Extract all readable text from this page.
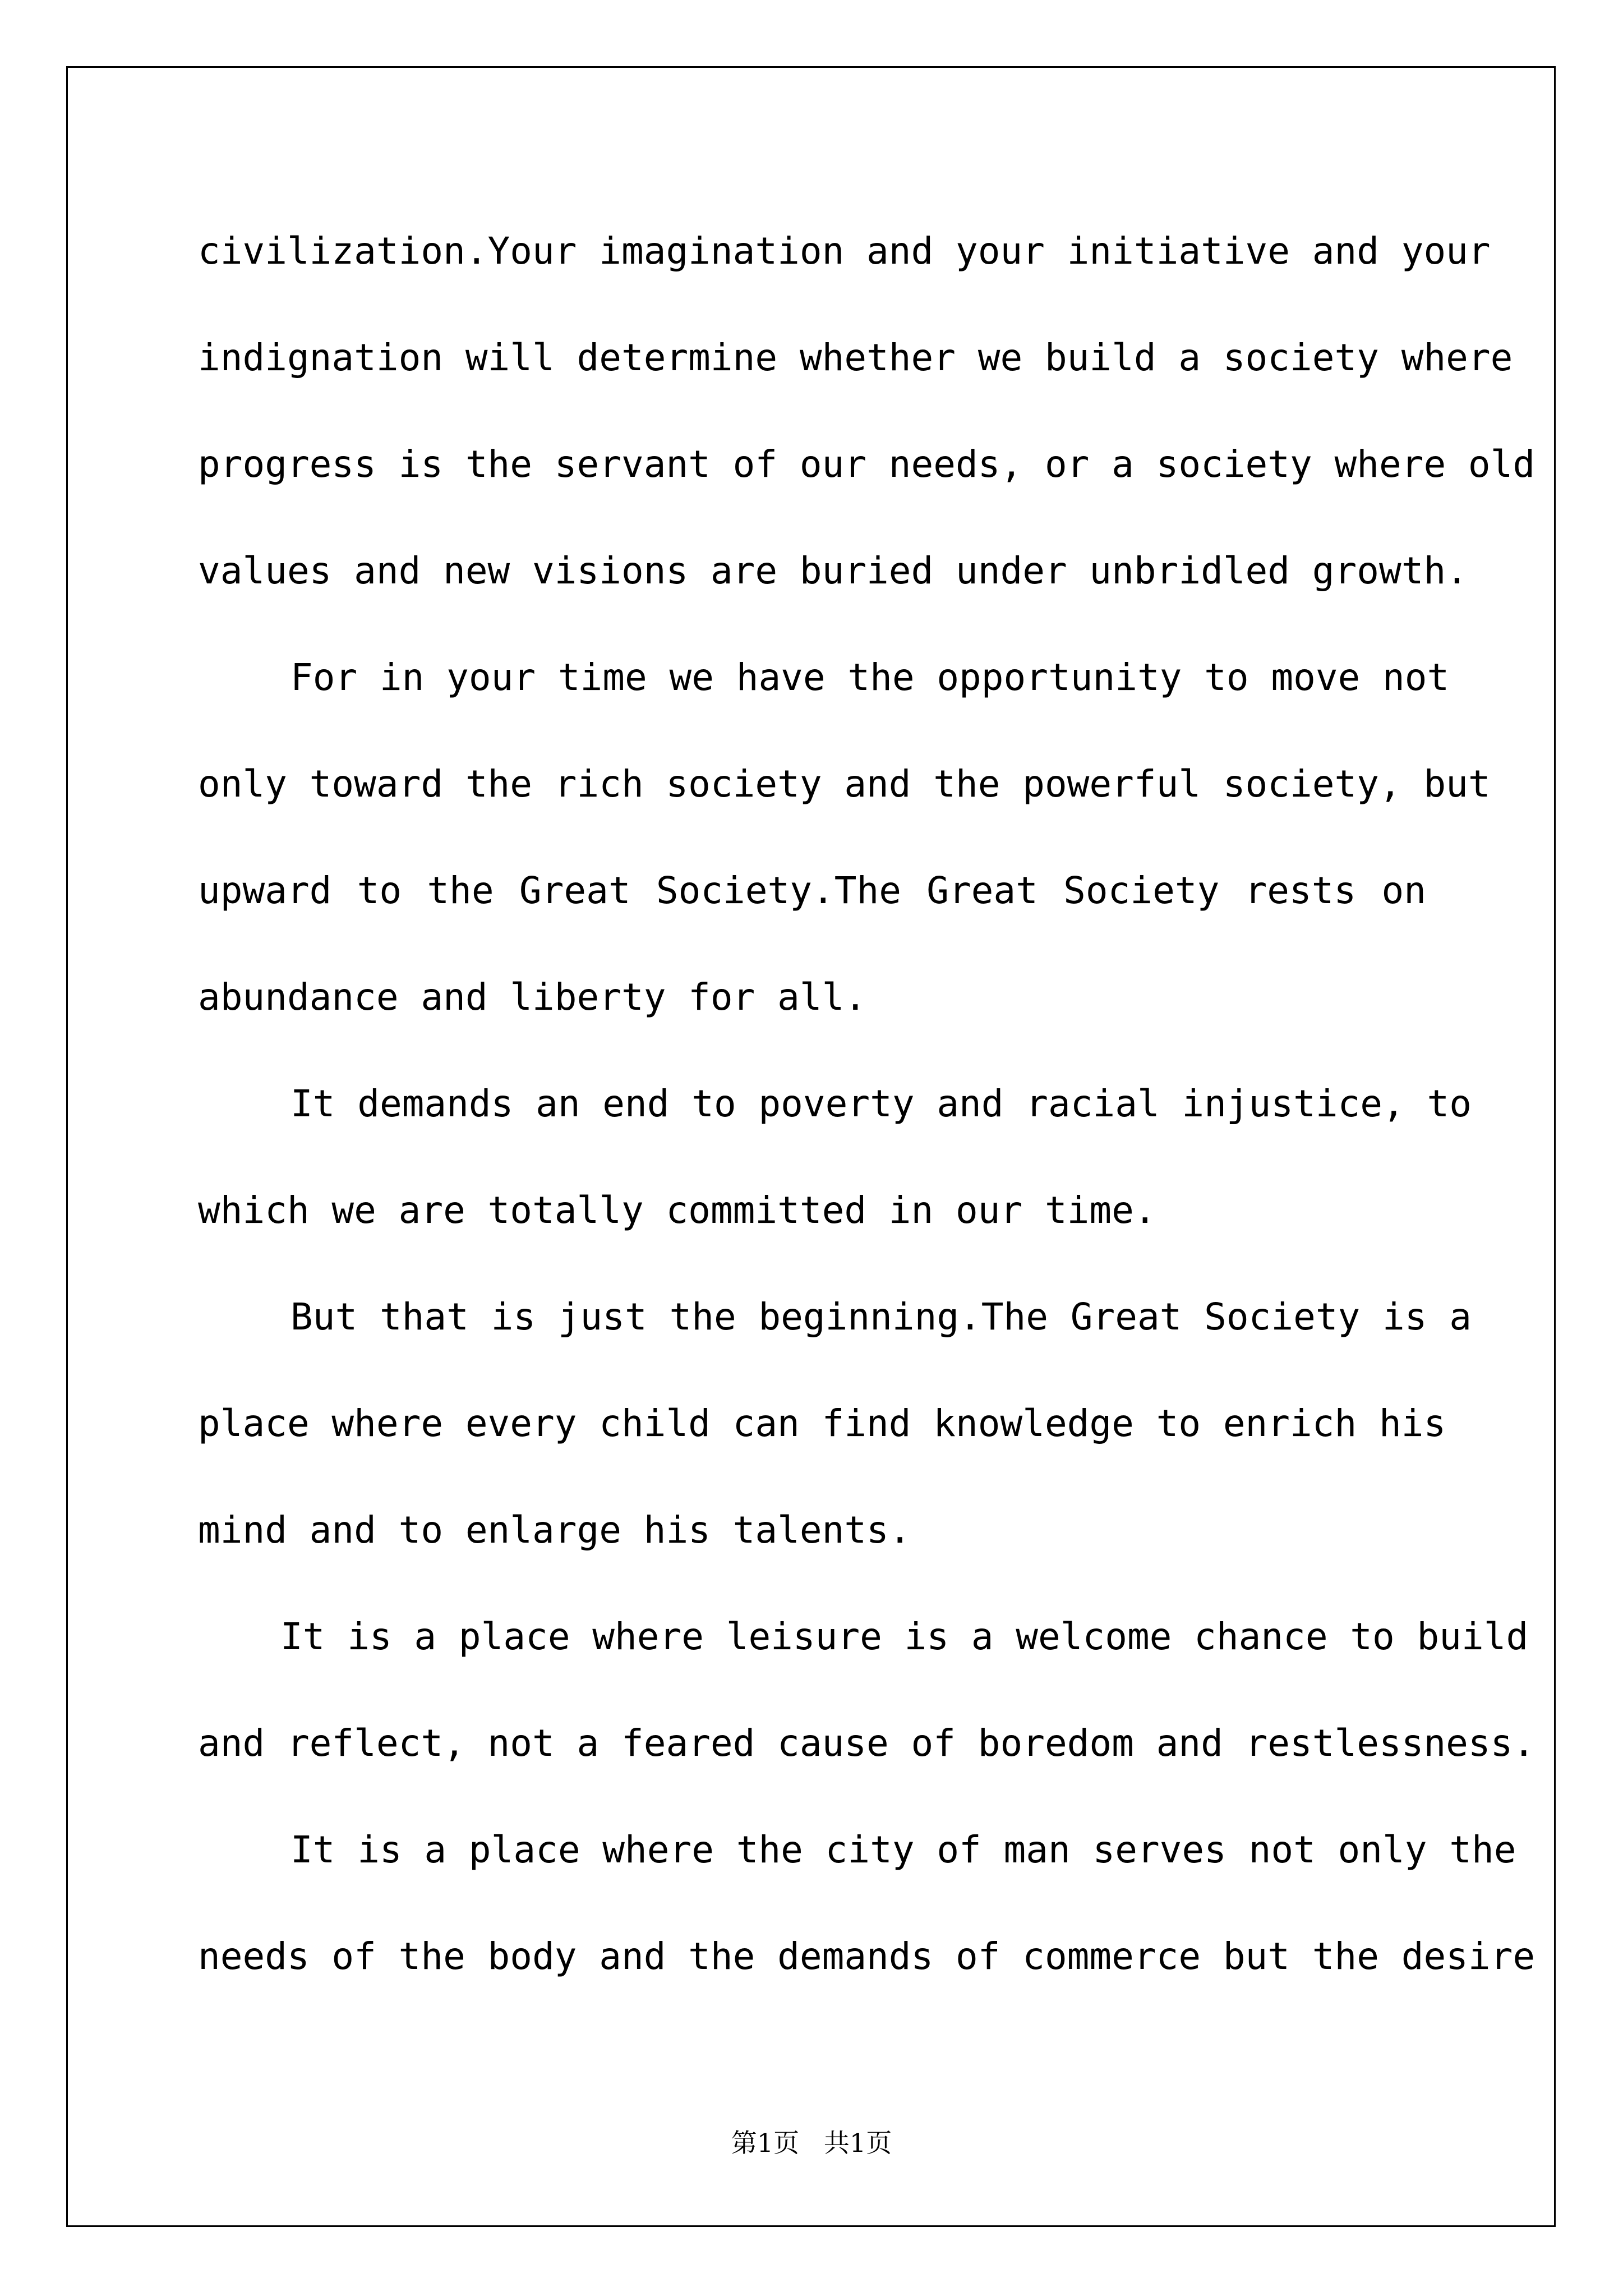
civilization.Your imagination and your initiative and your
indignation will determine whether we build a society where
progress is the servant of our needs, or a society where old
values and new visions are buried under unbridled growth.
For in your time we have the opportunity to move not
only toward the rich society and the powerful society, but
upward to the Great Society.The Great Society rests on
abundance and liberty for all.
It demands an end to poverty and racial injustice, to
which we are totally committed in our time.
But that is just the beginning.The Great Society is a
place where every child can find knowledge to enrich his
mind and to enlarge his talents.
It is a place where leisure is a welcome chance to build
and reflect, not a feared cause of boredom and restlessness.
It is a place where the city of man serves not only the
needs of the body and the demands of commerce but the desire
第1页   共1页
